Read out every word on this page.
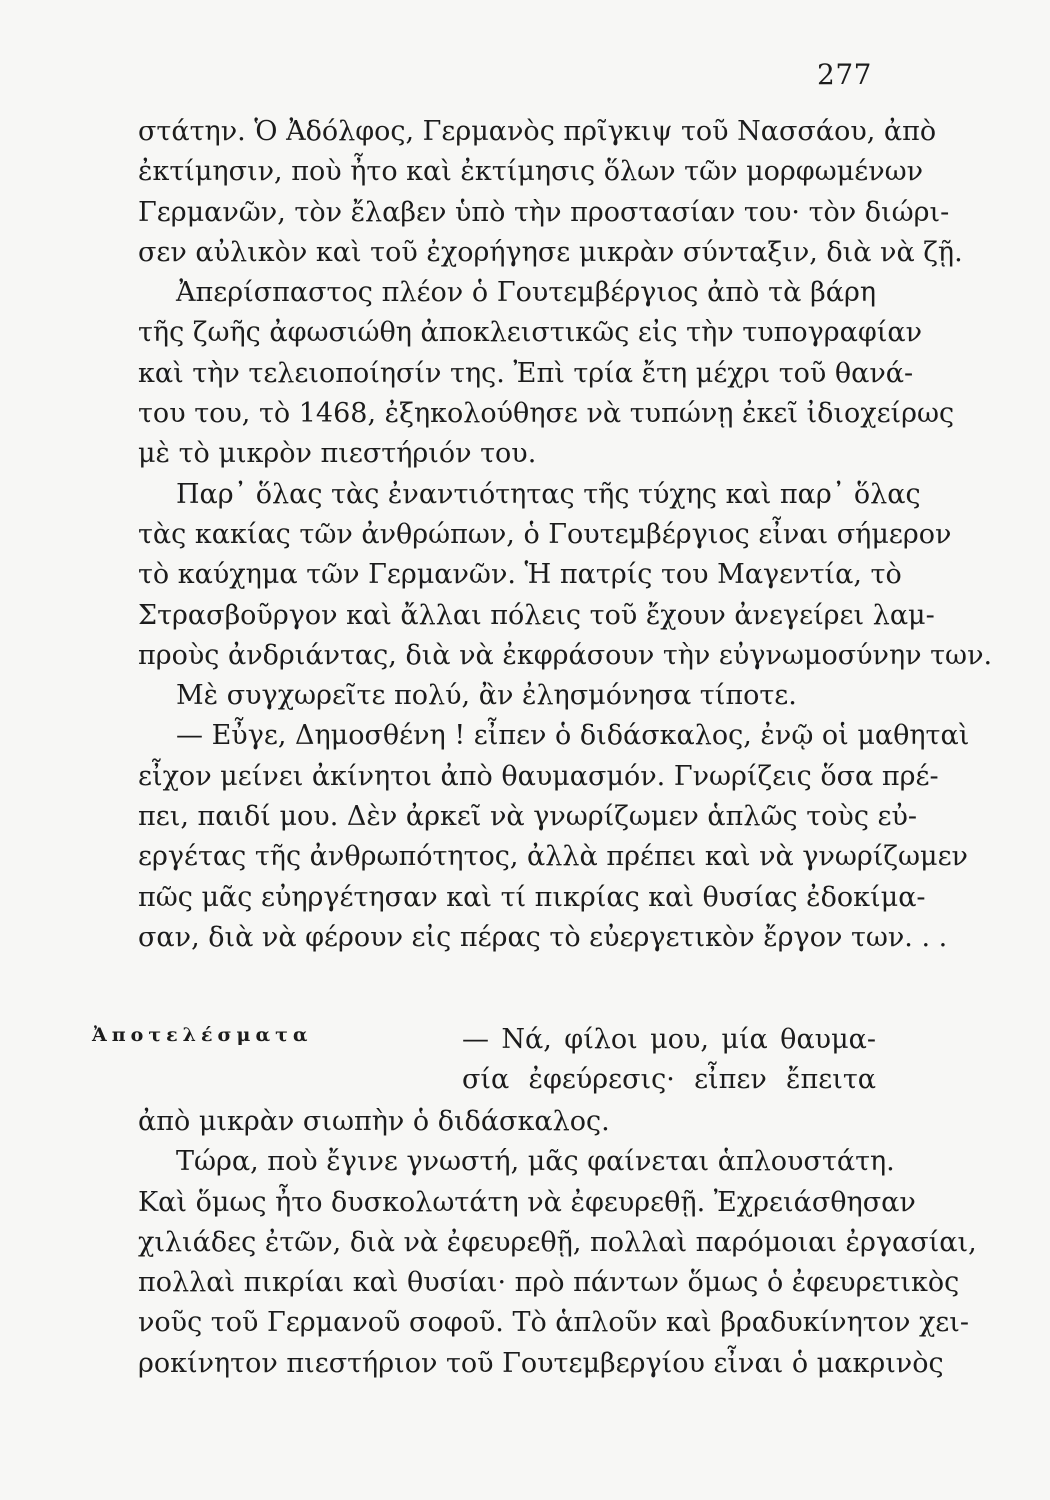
277
στάτην. Ὁ Ἀδόλφος, Γερμανὸς πρῖγκιψ τοῦ Νασσάου, ἀπὸ
ἐκτίμησιν, ποὺ ἦτο καὶ ἐκτίμησις ὅλων τῶν μορφωμένων
Γερμανῶν, τὸν ἔλαβεν ὑπὸ τὴν προστασίαν του· τὸν διώρι-
σεν αὐλικὸν καὶ τοῦ ἐχορήγησε μικρὰν σύνταξιν, διὰ νὰ ζῇ.
Ἀπερίσπαστος πλέον ὁ Γουτεμβέργιος ἀπὸ τὰ βάρη
τῆς ζωῆς ἀφωσιώθη ἀποκλειστικῶς εἰς τὴν τυπογραφίαν
καὶ τὴν τελειοποίησίν της. Ἐπὶ τρία ἔτη μέχρι τοῦ θανά-
του του, τὸ 1468, ἐξηκολούθησε νὰ τυπώνῃ ἐκεῖ ἰδιοχείρως
μὲ τὸ μικρὸν πιεστήριόν του.
Παρ᾽ ὅλας τὰς ἐναντιότητας τῆς τύχης καὶ παρ᾽ ὅλας
τὰς κακίας τῶν ἀνθρώπων, ὁ Γουτεμβέργιος εἶναι σήμερον
τὸ καύχημα τῶν Γερμανῶν. Ἡ πατρίς του Μαγεντία, τὸ
Στρασβοῦργον καὶ ἄλλαι πόλεις τοῦ ἔχουν ἀνεγείρει λαμ-
προὺς ἀνδριάντας, διὰ νὰ ἐκφράσουν τὴν εὐγνωμοσύνην των.
Μὲ συγχωρεῖτε πολύ, ἂν ἐλησμόνησα τίποτε.
— Εὖγε, Δημοσθένη ! εἶπεν ὁ διδάσκαλος, ἐνῷ οἱ μαθηταὶ
εἶχον μείνει ἀκίνητοι ἀπὸ θαυμασμόν. Γνωρίζεις ὅσα πρέ-
πει, παιδί μου. Δὲν ἀρκεῖ νὰ γνωρίζωμεν ἁπλῶς τοὺς εὐ-
εργέτας τῆς ἀνθρωπότητος, ἀλλὰ πρέπει καὶ νὰ γνωρίζωμεν
πῶς μᾶς εὐηργέτησαν καὶ τί πικρίας καὶ θυσίας ἐδοκίμα-
σαν, διὰ νὰ φέρουν εἰς πέρας τὸ εὐεργετικὸν ἔργον των. . .
Ἀποτελέσματα	— Νά, φίλοι μου, μία θαυμα-
σία ἐφεύρεσις· εἶπεν ἔπειτα
ἀπὸ μικρὰν σιωπὴν ὁ διδάσκαλος.
Τώρα, ποὺ ἔγινε γνωστή, μᾶς φαίνεται ἁπλουστάτη.
Καὶ ὅμως ἦτο δυσκολωτάτη νὰ ἐφευρεθῇ. Ἐχρειάσθησαν
χιλιάδες ἐτῶν, διὰ νὰ ἐφευρεθῇ, πολλαὶ παρόμοιαι ἐργασίαι,
πολλαὶ πικρίαι καὶ θυσίαι· πρὸ πάντων ὅμως ὁ ἐφευρετικὸς
νοῦς τοῦ Γερμανοῦ σοφοῦ. Τὸ ἁπλοῦν καὶ βραδυκίνητον χει-
ροκίνητον πιεστήριον τοῦ Γουτεμβεργίου εἶναι ὁ μακρινὸς
